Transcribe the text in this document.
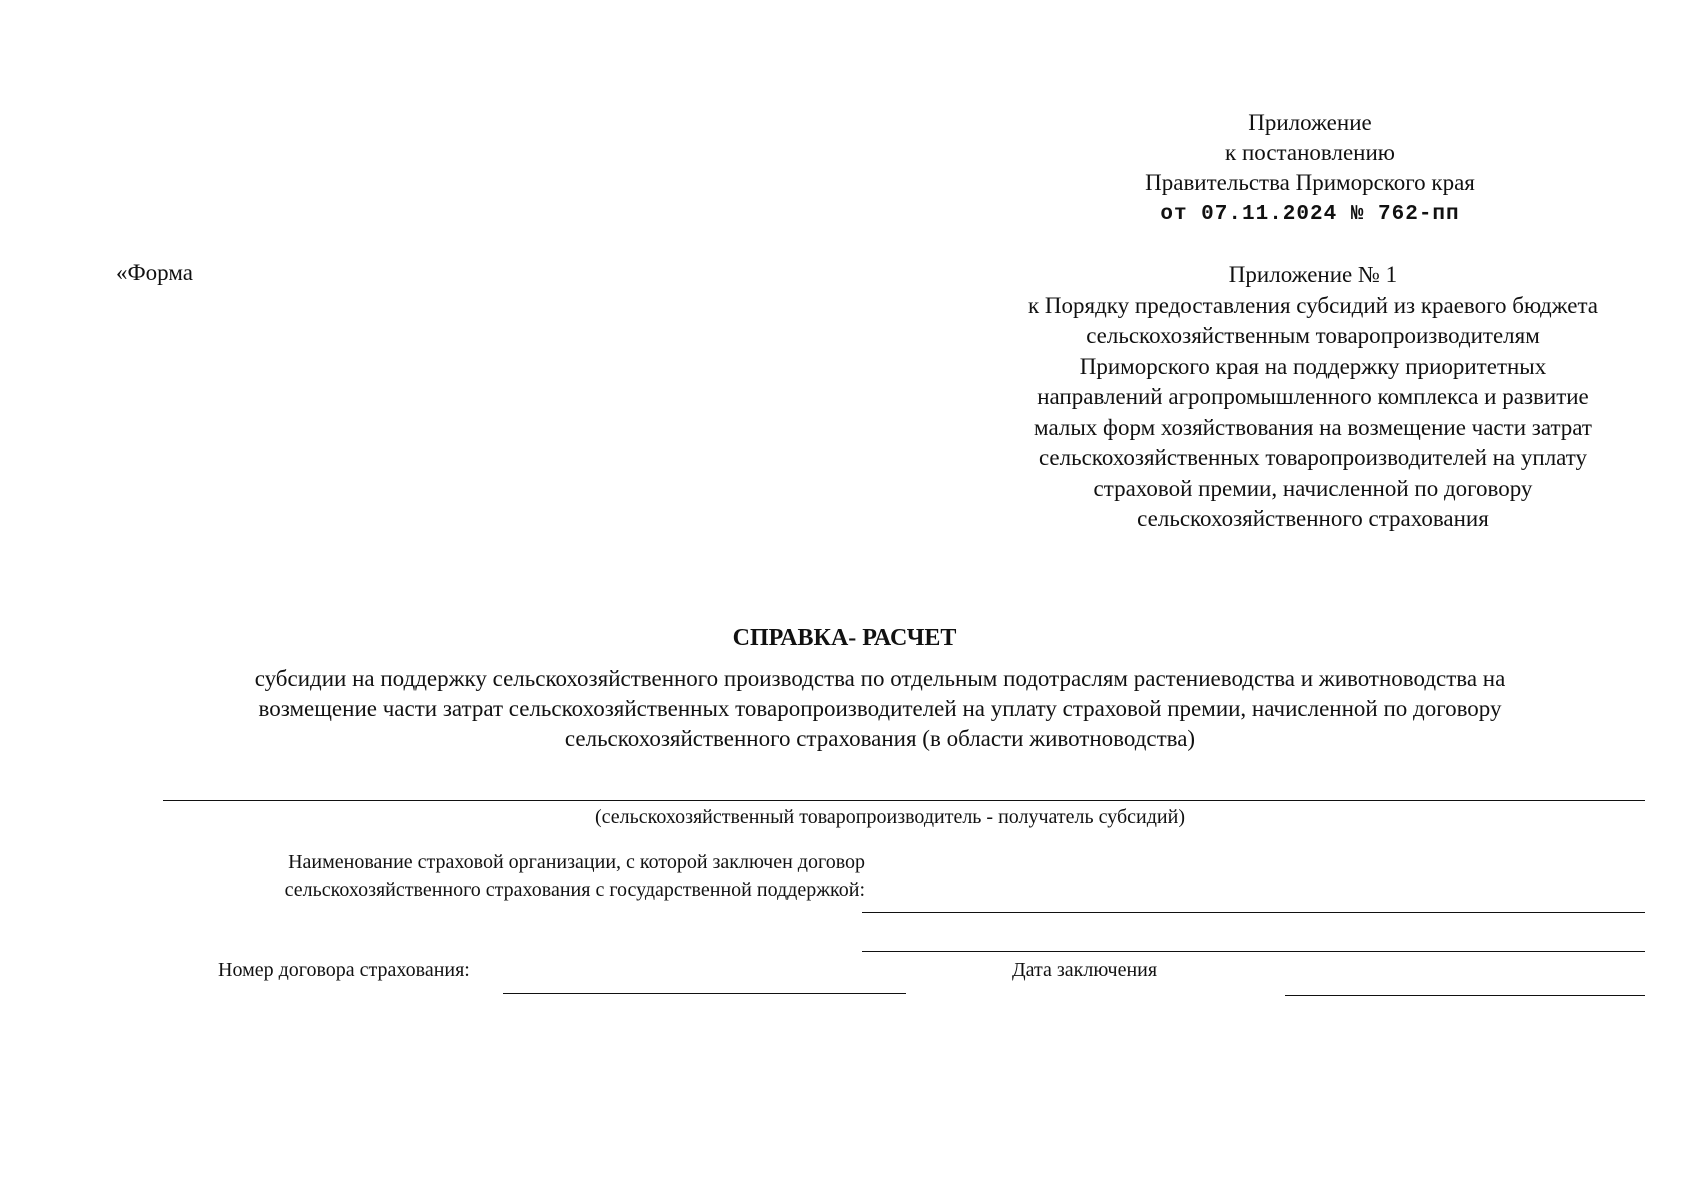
Приложение
к постановлению
Правительства Приморского края
от 07.11.2024 № 762-пп
«Форма	Приложение № 1
к Порядку предоставления субсидий из краевого бюджета
сельскохозяйственным товаропроизводителям
Приморского края на поддержку приоритетных
направлений агропромышленного комплекса и развитие
малых форм хозяйствования на возмещение части затрат
сельскохозяйственных товаропроизводителей на уплату
страховой премии, начисленной по договору
сельскохозяйственного страхования
СПРАВКА- РАСЧЕТ
субсидии на поддержку сельскохозяйственного производства по отдельным подотраслям растениеводства и животноводства на
возмещение части затрат сельскохозяйственных товаропроизводителей на уплату страховой премии, начисленной по договору
сельскохозяйственного страхования (в области животноводства)
(сельскохозяйственный товаропроизводитель - получатель субсидий)
Наименование страховой организации, с которой заключен договор
сельскохозяйственного страхования с государственной поддержкой:
Номер договора страхования:	Дата заключения
